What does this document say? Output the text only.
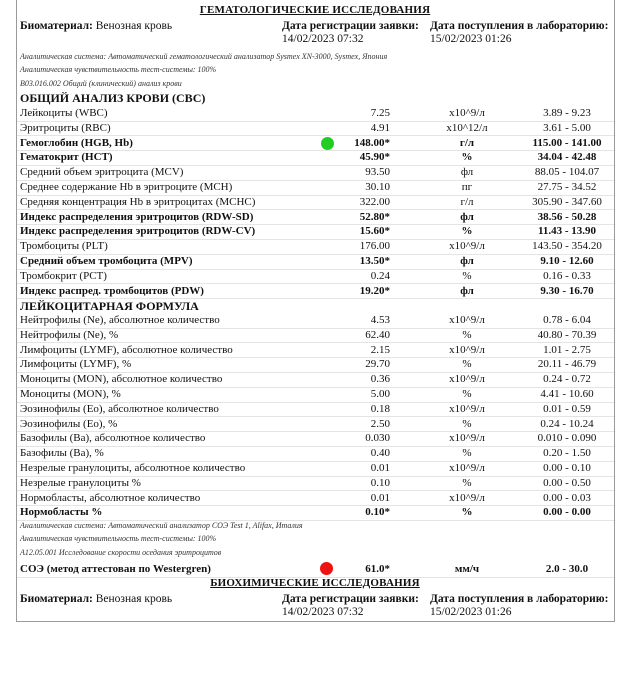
ГЕМАТОЛОГИЧЕСКИЕ ИССЛЕДОВАНИЯ
Биоматериал: Венозная кровь	Дата регистрации заявки:
14/02/2023 07:32
Дата поступления в лабораторию:
15/02/2023 01:26
Аналитическая система: Автоматический гематологический анализатор Sysmex XN-3000, Sysmex, Япония
Аналитическая чувствительность тест-системы: 100%
B03.016.002 Общий (клинический) анализ крови
ОБЩИЙ АНАЛИЗ КРОВИ (CBC)
Лейкоциты (WBC)	7.25	x10^9/л	3.89 - 9.23
Эритроциты (RBC)	4.91	x10^12/л	3.61 - 5.00
Гемоглобин (HGB, Hb)	148.00*	г/л	115.00 - 141.00
Гематокрит (HCT)	45.90*	%	34.04 - 42.48
Средний объем эритроцита (MCV)	93.50	фл	88.05 - 104.07
Среднее содержание Hb в эритроците (MCH)	30.10	пг	27.75 - 34.52
Средняя концентрация Hb в эритроцитах (MCHC)	322.00	г/л	305.90 - 347.60
Индекс распределения эритроцитов (RDW-SD)	52.80*	фл	38.56 - 50.28
Индекс распределения эритроцитов (RDW-CV)	15.60*	%	11.43 - 13.90
Тромбоциты (PLT)	176.00	x10^9/л	143.50 - 354.20
Средний объем тромбоцита (MPV)	13.50*	фл	9.10 - 12.60
Тромбокрит (PCT)	0.24	%	0.16 - 0.33
Индекс распред. тромбоцитов (PDW)	19.20*	фл	9.30 - 16.70
ЛЕЙКОЦИТАРНАЯ ФОРМУЛА
Нейтрофилы (Ne), абсолютное количество	4.53	x10^9/л	0.78 - 6.04
Нейтрофилы (Ne), %	62.40	%	40.80 - 70.39
Лимфоциты (LYMF), абсолютное количество	2.15	x10^9/л	1.01 - 2.75
Лимфоциты (LYMF), %	29.70	%	20.11 - 46.79
Моноциты (MON), абсолютное количество	0.36	x10^9/л	0.24 - 0.72
Моноциты (MON), %	5.00	%	4.41 - 10.60
Эозинофилы (Eo), абсолютное количество	0.18	x10^9/л	0.01 - 0.59
Эозинофилы (Eo), %	2.50	%	0.24 - 10.24
Базофилы (Ba), абсолютное количество	0.030	x10^9/л	0.010 - 0.090
Базофилы (Ba), %	0.40	%	0.20 - 1.50
Незрелые гранулоциты, абсолютное количество	0.01	x10^9/л	0.00 - 0.10
Незрелые гранулоциты %	0.10	%	0.00 - 0.50
Нормобласты, абсолютное количество	0.01	x10^9/л	0.00 - 0.03
Нормобласты %	0.10*	%	0.00 - 0.00
Аналитическая система: Автоматический анализатор СОЭ Test 1, Alifax, Италия
Аналитическая чувствительность тест-системы: 100%
A12.05.001 Исследование скорости оседания эритроцитов
СОЭ (метод аттестован по Westergren)	61.0*	мм/ч	2.0 - 30.0
БИОХИМИЧЕСКИЕ ИССЛЕДОВАНИЯ
Биоматериал: Венозная кровь	Дата регистрации заявки:
14/02/2023 07:32
Дата поступления в лабораторию:
15/02/2023 01:26
